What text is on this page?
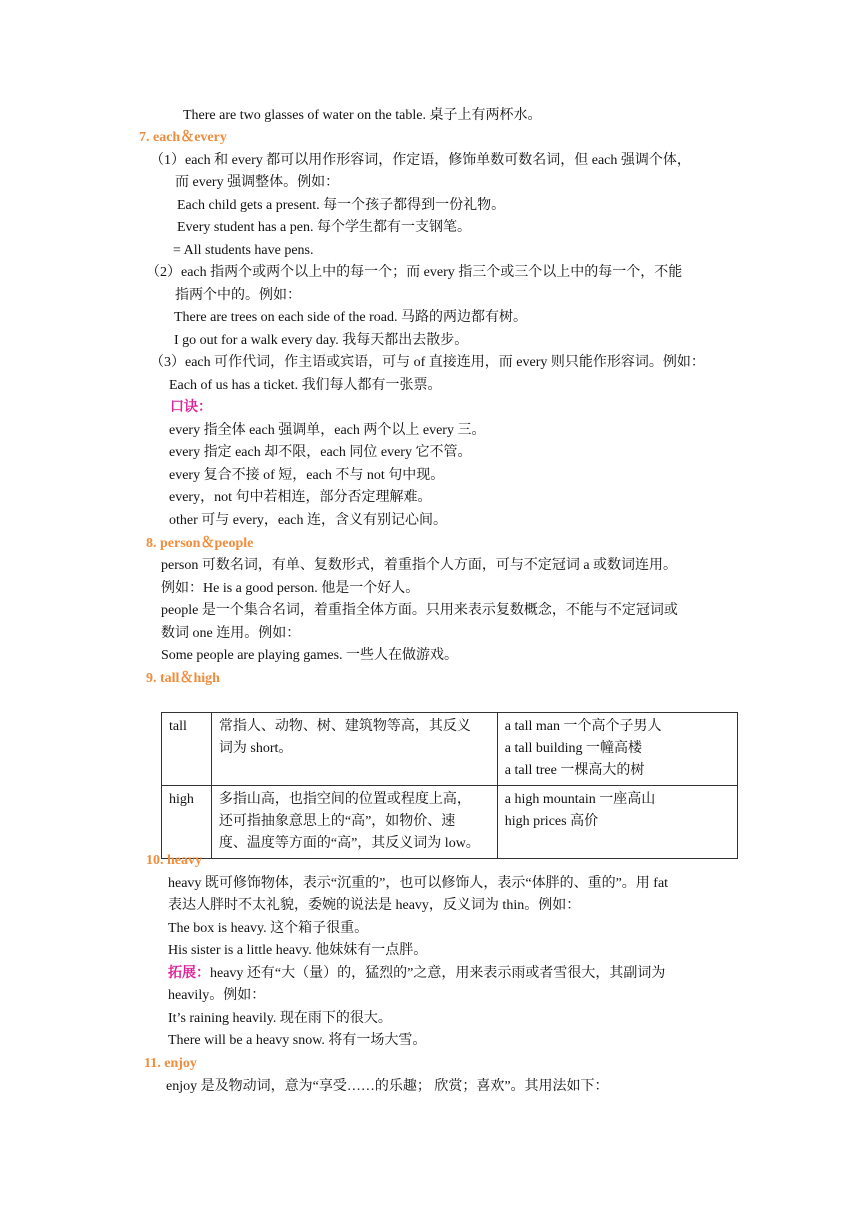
There are two glasses of water on the table. 桌子上有两杯水。
7. each＆every
（1）each 和 every 都可以用作形容词，作定语，修饰单数可数名词，但 each 强调个体，
而 every 强调整体。例如：
Each child gets a present. 每一个孩子都得到一份礼物。
Every student has a pen. 每个学生都有一支钢笔。
= All students have pens.
（2）each 指两个或两个以上中的每一个；而 every 指三个或三个以上中的每一个，不能
指两个中的。例如：
There are trees on each side of the road. 马路的两边都有树。
I go out for a walk every day. 我每天都出去散步。
（3）each 可作代词，作主语或宾语，可与 of 直接连用，而 every 则只能作形容词。例如：
Each of us has a ticket. 我们每人都有一张票。
口诀：
every 指全体 each 强调单，each 两个以上 every 三。
every 指定 each 却不限，each 同位 every 它不管。
every 复合不接 of 短，each 不与 not 句中现。
every，not 句中若相连，部分否定理解难。
other 可与 every，each 连，含义有别记心间。
8. person＆people
person 可数名词，有单、复数形式，着重指个人方面，可与不定冠词 a 或数词连用。
例如：He is a good person. 他是一个好人。
people 是一个集合名词，着重指全体方面。只用来表示复数概念，不能与不定冠词或
数词 one 连用。例如：
Some people are playing games. 一些人在做游戏。
9. tall＆high
tall	常指人、动物、树、建筑物等高，其反义
词为 short。	a tall man 一个高个子男人
a tall building 一幢高楼
a tall tree 一棵高大的树

high	多指山高，也指空间的位置或程度上高，
还可指抽象意思上的“高”，如物价、速
度、温度等方面的“高”，其反义词为 low。	a high mountain 一座高山
high prices 高价
10. heavy
heavy 既可修饰物体，表示“沉重的”，也可以修饰人，表示“体胖的、重的”。用 fat
表达人胖时不太礼貌，委婉的说法是 heavy，反义词为 thin。例如：
The box is heavy. 这个箱子很重。
His sister is a little heavy. 他妹妹有一点胖。
拓展：heavy 还有“大（量）的，猛烈的”之意，用来表示雨或者雪很大，其副词为
heavily。例如：
It’s raining heavily. 现在雨下的很大。
There will be a heavy snow. 将有一场大雪。
11. enjoy
enjoy 是及物动词，意为“享受……的乐趣； 欣赏；喜欢”。其用法如下：
